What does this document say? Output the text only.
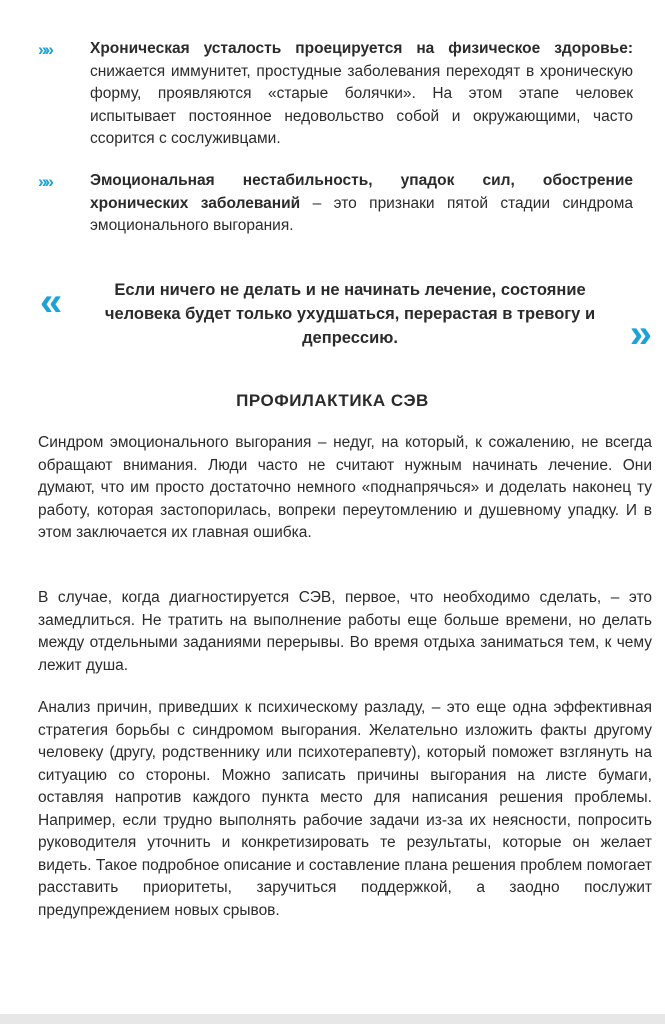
»»	Хроническая усталость проецируется на физическое здоровье: снижается иммунитет, простудные заболевания переходят в хроническую форму, проявляются «старые болячки». На этом этапе человек испытывает постоянное недовольство собой и окружающими, часто ссорится с сослуживцами.
»»	Эмоциональная нестабильность, упадок сил, обострение хронических заболеваний – это признаки пятой стадии синдрома эмоционального выгорания.
«	Если ничего не делать и не начинать лечение, состояние человека будет только ухудшаться, перерастая в тревогу и депрессию.	»
ПРОФИЛАКТИКА СЭВ

Синдром эмоционального выгорания – недуг, на который, к сожалению, не всегда обращают внимания. Люди часто не считают нужным начинать лечение. Они думают, что им просто достаточно немного «поднапрячься» и доделать наконец ту работу, которая застопорилась, вопреки переутомлению и душевному упадку. И в этом заключается их главная ошибка.

В случае, когда диагностируется СЭВ, первое, что необходимо сделать, – это замедлиться. Не тратить на выполнение работы еще больше времени, но делать между отдельными заданиями перерывы. Во время отдыха заниматься тем, к чему лежит душа.

Анализ причин, приведших к психическому разладу, – это еще одна эффективная стратегия борьбы с синдромом выгорания. Желательно изложить факты другому человеку (другу, родственнику или психотерапевту), который поможет взглянуть на ситуацию со стороны. Можно записать причины выгорания на листе бумаги, оставляя напротив каждого пункта место для написания решения проблемы. Например, если трудно выполнять рабочие задачи из-за их неясности, попросить руководителя уточнить и конкретизировать те результаты, которые он желает видеть. Такое подробное описание и составление плана решения проблем помогает расставить приоритеты, заручиться поддержкой, а заодно послужит предупреждением новых срывов.
